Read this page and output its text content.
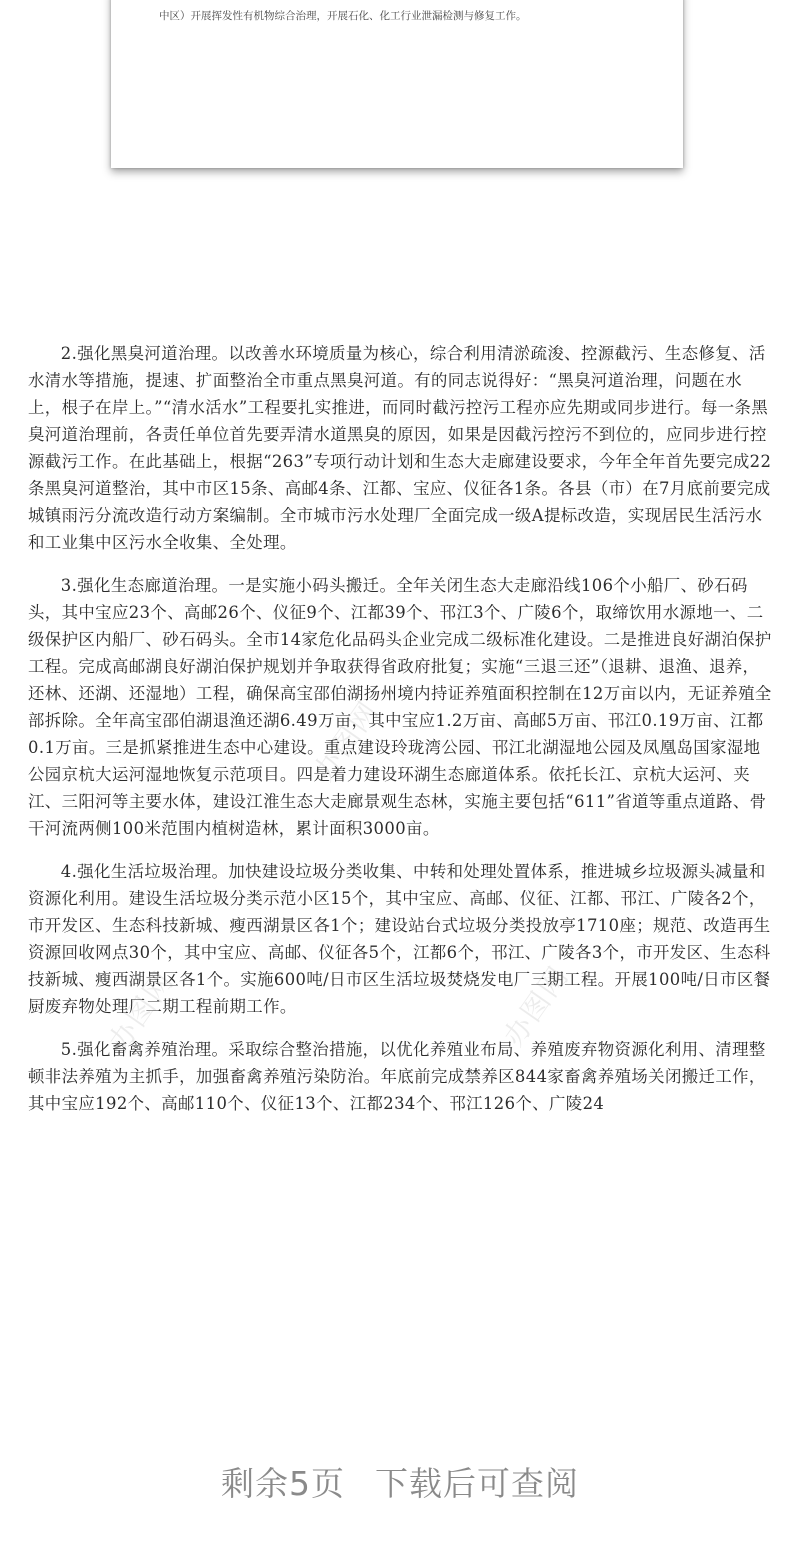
中区）开展挥发性有机物综合治理，开展石化、化工行业泄漏检测与修复工作。

办图网
办图网	办图网

2.强化黑臭河道治理。以改善水环境质量为核心，综合利用清淤疏浚、控源截污、生态修复、活水清水等措施，提速、扩面整治全市重点黑臭河道。有的同志说得好：“黑臭河道治理，问题在水上，根子在岸上。”“清水活水”工程要扎实推进，而同时截污控污工程亦应先期或同步进行。每一条黑臭河道治理前，各责任单位首先要弄清水道黑臭的原因，如果是因截污控污不到位的，应同步进行控源截污工作。在此基础上，根据“263”专项行动计划和生态大走廊建设要求，今年全年首先要完成22条黑臭河道整治，其中市区15条、高邮4条、江都、宝应、仪征各1条。各县（市）在7月底前要完成城镇雨污分流改造行动方案编制。全市城市污水处理厂全面完成一级A提标改造，实现居民生活污水和工业集中区污水全收集、全处理。

3.强化生态廊道治理。一是实施小码头搬迁。全年关闭生态大走廊沿线106个小船厂、砂石码头，其中宝应23个、高邮26个、仪征9个、江都39个、邗江3个、广陵6个，取缔饮用水源地一、二级保护区内船厂、砂石码头。全市14家危化品码头企业完成二级标准化建设。二是推进良好湖泊保护工程。完成高邮湖良好湖泊保护规划并争取获得省政府批复；实施“三退三还”（退耕、退渔、退养，还林、还湖、还湿地）工程，确保高宝邵伯湖扬州境内持证养殖面积控制在12万亩以内，无证养殖全部拆除。全年高宝邵伯湖退渔还湖6.49万亩，其中宝应1.2万亩、高邮5万亩、邗江0.19万亩、江都0.1万亩。三是抓紧推进生态中心建设。重点建设玲珑湾公园、邗江北湖湿地公园及凤凰岛国家湿地公园京杭大运河湿地恢复示范项目。四是着力建设环湖生态廊道体系。依托长江、京杭大运河、夹江、三阳河等主要水体，建设江淮生态大走廊景观生态林，实施主要包括“611”省道等重点道路、骨干河流两侧100米范围内植树造林，累计面积3000亩。

4.强化生活垃圾治理。加快建设垃圾分类收集、中转和处理处置体系，推进城乡垃圾源头减量和资源化利用。建设生活垃圾分类示范小区15个，其中宝应、高邮、仪征、江都、邗江、广陵各2个，市开发区、生态科技新城、瘦西湖景区各1个；建设站台式垃圾分类投放亭1710座；规范、改造再生资源回收网点30个，其中宝应、高邮、仪征各5个，江都6个，邗江、广陵各3个，市开发区、生态科技新城、瘦西湖景区各1个。实施600吨/日市区生活垃圾焚烧发电厂三期工程。开展100吨/日市区餐厨废弃物处理厂二期工程前期工作。

5.强化畜禽养殖治理。采取综合整治措施，以优化养殖业布局、养殖废弃物资源化利用、清理整顿非法养殖为主抓手，加强畜禽养殖污染防治。年底前完成禁养区844家畜禽养殖场关闭搬迁工作，其中宝应192个、高邮110个、仪征13个、江都234个、邗江126个、广陵24

剩余5页 下载后可查阅
